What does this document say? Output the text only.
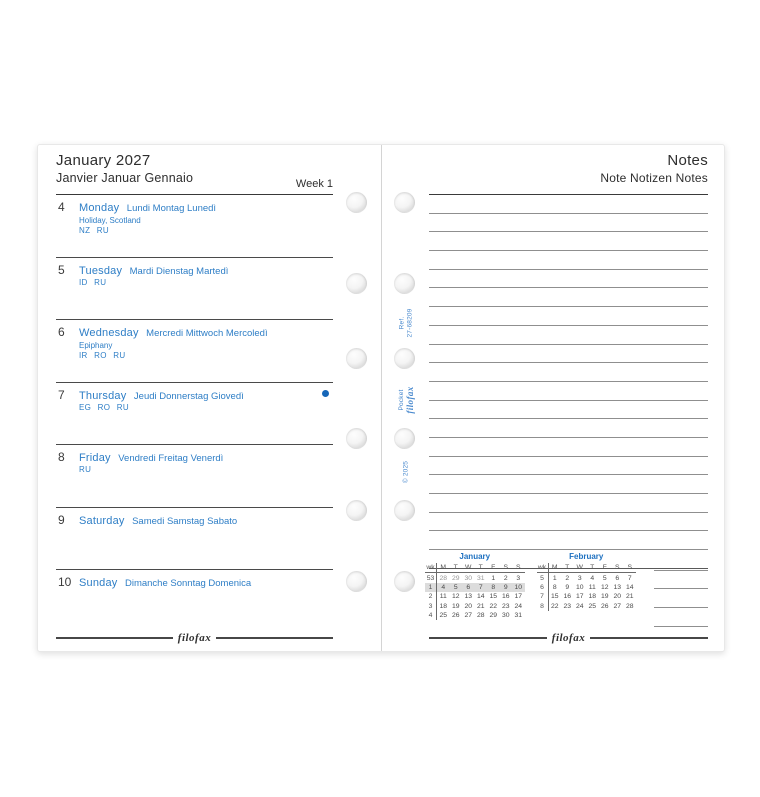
January 2027
Janvier Januar Gennaio	Week 1
4	Monday Lundi Montag Lunedì
Holiday, Scotland
NZ RU
5	Tuesday Mardi Dienstag Martedì
ID RU
6	Wednesday Mercredi Mittwoch Mercoledì
Epiphany
IR RO RU
7	Thursday Jeudi Donnerstag Giovedì
EG RO RU
8	Friday Vendredi Freitag Venerdì
RU
9	Saturday Samedi Samstag Sabato
10 Sunday Dimanche Sonntag Domenica
filofax
Notes
Note Notizen Notes
January
wk	M	T	W	T	F	S	S
53	28	29	30	31	1	2	3
1	4	5	6	7	8	9	10
2	11	12	13	14	15	16	17
3	18	19	20	21	22	23	24
4	25	26	27	28	29	30	31
February
wk	M	T	W	T	F	S	S
5	1	2	3	4	5	6	7
6	8	9	10	11	12	13	14
7	15	16	17	18	19	20	21
8	22	23	24	25	26	27	28
filofax
Ref. 27-68209
Pocket filofax
© 2025
